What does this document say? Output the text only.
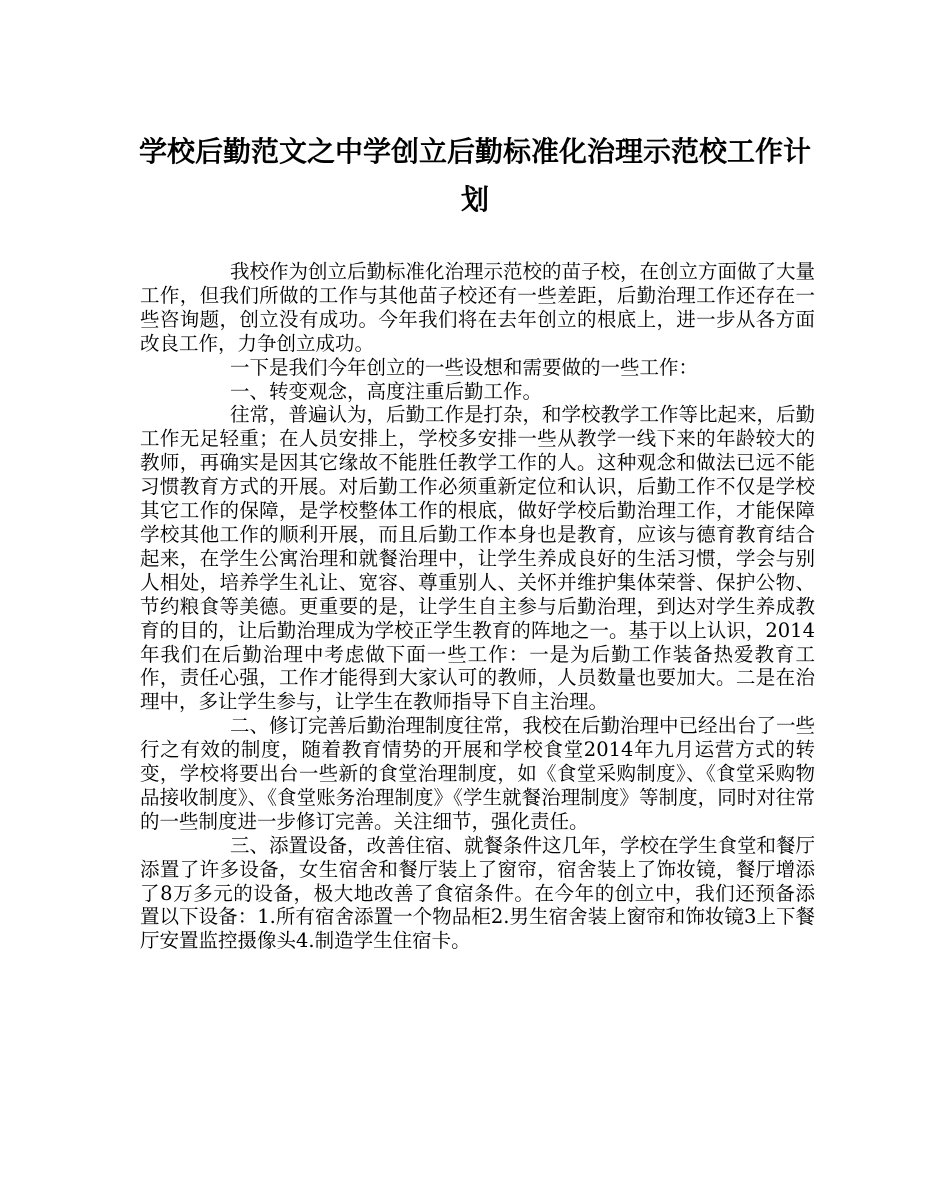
学校后勤范文之中学创立后勤标准化治理示范校工作计划

我校作为创立后勤标准化治理示范校的苗子校，在创立方面做了大量工作，但我们所做的工作与其他苗子校还有一些差距，后勤治理工作还存在一些咨询题，创立没有成功。今年我们将在去年创立的根底上，进一步从各方面改良工作，力争创立成功。

一下是我们今年创立的一些设想和需要做的一些工作：

一、转变观念，高度注重后勤工作。

往常，普遍认为，后勤工作是打杂，和学校教学工作等比起来，后勤工作无足轻重；在人员安排上，学校多安排一些从教学一线下来的年龄较大的教师，再确实是因其它缘故不能胜任教学工作的人。这种观念和做法已远不能习惯教育方式的开展。对后勤工作必须重新定位和认识，后勤工作不仅是学校其它工作的保障，是学校整体工作的根底，做好学校后勤治理工作，才能保障学校其他工作的顺利开展，而且后勤工作本身也是教育，应该与德育教育结合起来，在学生公寓治理和就餐治理中，让学生养成良好的生活习惯，学会与别人相处，培养学生礼让、宽容、尊重别人、关怀并维护集体荣誉、保护公物、节约粮食等美德。更重要的是，让学生自主参与后勤治理，到达对学生养成教育的目的，让后勤治理成为学校正学生教育的阵地之一。基于以上认识，2014年我们在后勤治理中考虑做下面一些工作：一是为后勤工作装备热爱教育工作，责任心强，工作才能得到大家认可的教师，人员数量也要加大。二是在治理中，多让学生参与，让学生在教师指导下自主治理。

二、修订完善后勤治理制度往常，我校在后勤治理中已经出台了一些行之有效的制度，随着教育情势的开展和学校食堂2014年九月运营方式的转变，学校将要出台一些新的食堂治理制度，如《食堂采购制度》、《食堂采购物品接收制度》、《食堂账务治理制度》《学生就餐治理制度》等制度，同时对往常的一些制度进一步修订完善。关注细节，强化责任。

三、添置设备，改善住宿、就餐条件这几年，学校在学生食堂和餐厅添置了许多设备，女生宿舍和餐厅装上了窗帘，宿舍装上了饰妆镜，餐厅增添了8万多元的设备，极大地改善了食宿条件。在今年的创立中，我们还预备添置以下设备：1.所有宿舍添置一个物品柜2.男生宿舍装上窗帘和饰妆镜3上下餐厅安置监控摄像头4.制造学生住宿卡。
